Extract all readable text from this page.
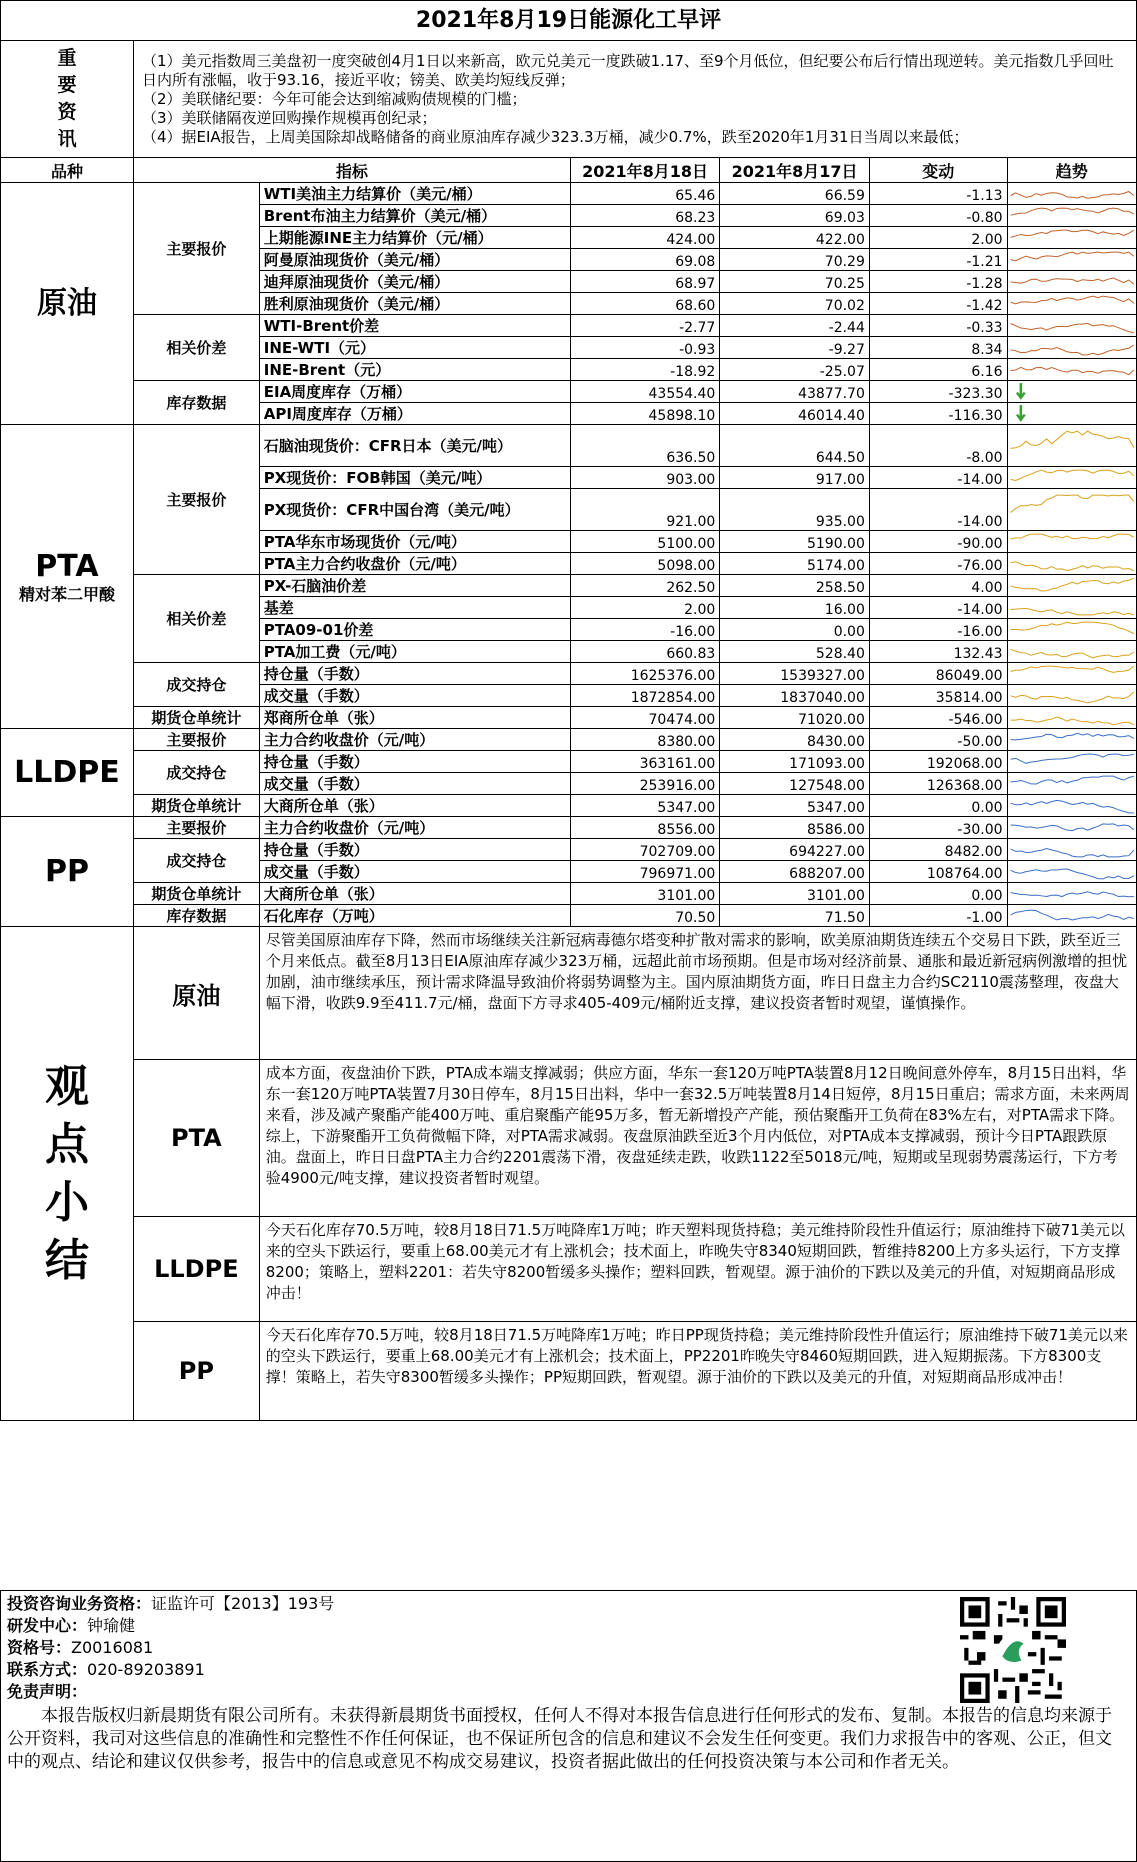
2021年8月19日能源化工早评
重要资讯	（1）美元指数周三美盘初一度突破创4月1日以来新高，欧元兑美元一度跌破1.17、至9个月低位，但纪要公布后行情出现逆转。美元指数几乎回吐日内所有涨幅，收于93.16，接近平收；镑美、欧美均短线反弹；

（2）美联储纪要：今年可能会达到缩减购债规模的门槛；

（3）美联储隔夜逆回购操作规模再创纪录；

（4）据EIA报告，上周美国除却战略储备的商业原油库存减少323.3万桶，减少0.7%，跌至2020年1月31日当周以来最低；					

品种	指标		2021年8月18日	2021年8月17日	变动	趋势
原油	主要报价	WTI美油主力结算价（美元/桶）	65.46	66.59	-1.13	

		Brent布油主力结算价（美元/桶）	68.23	69.03	-0.80	

		上期能源INE主力结算价（元/桶）	424.00	422.00	2.00	

		阿曼原油现货价（美元/桶）	69.08	70.29	-1.21	

		迪拜原油现货价（美元/桶）	68.97	70.25	-1.28	

		胜利原油现货价（美元/桶）	68.60	70.02	-1.42	

	相关价差	WTI-Brent价差	-2.77	-2.44	-0.33	

		INE-WTI（元）	-0.93	-9.27	8.34	

		INE-Brent（元）	-18.92	-25.07	6.16	

	库存数据	EIA周度库存（万桶）	43554.40	43877.70	-323.30	

		API周度库存（万桶）	45898.10	46014.40	-116.30	

PTA
精对苯二甲酸	主要报价	石脑油现货价：CFR日本（美元/吨）	636.50	644.50	-8.00	

		PX现货价：FOB韩国（美元/吨）	903.00	917.00	-14.00	

		PX现货价：CFR中国台湾（美元/吨）	921.00	935.00	-14.00	

		PTA华东市场现货价（元/吨）	5100.00	5190.00	-90.00	

		PTA主力合约收盘价（元/吨）	5098.00	5174.00	-76.00	

	相关价差	PX-石脑油价差	262.50	258.50	4.00	

		基差	2.00	16.00	-14.00	

		PTA09-01价差	-16.00	0.00	-16.00	

		PTA加工费（元/吨）	660.83	528.40	132.43	

	成交持仓	持仓量（手数）	1625376.00	1539327.00	86049.00	

		成交量（手数）	1872854.00	1837040.00	35814.00	

	期货仓单统计	郑商所仓单（张）	70474.00	71020.00	-546.00	

LLDPE	主要报价	主力合约收盘价（元/吨）	8380.00	8430.00	-50.00	

	成交持仓	持仓量（手数）	363161.00	171093.00	192068.00	

		成交量（手数）	253916.00	127548.00	126368.00	

	期货仓单统计	大商所仓单（张）	5347.00	5347.00	0.00	

PP	主要报价	主力合约收盘价（元/吨）	8556.00	8586.00	-30.00	

	成交持仓	持仓量（手数）	702709.00	694227.00	8482.00	

		成交量（手数）	796971.00	688207.00	108764.00	

	期货仓单统计	大商所仓单（张）	3101.00	3101.00	0.00	

	库存数据	石化库存（万吨）	70.50	71.50	-1.00	

观点小结	原油	尽管美国原油库存下降，然而市场继续关注新冠病毒德尔塔变种扩散对需求的影响，欧美原油期货连续五个交易日下跌，跌至近三个月来低点。截至8月13日EIA原油库存减少323万桶，远超此前市场预期。但是市场对经济前景、通胀和最近新冠病例激增的担忧加剧，油市继续承压，预计需求降温导致油价将弱势调整为主。国内原油期货方面，昨日日盘主力合约SC2110震荡整理，夜盘大幅下滑，收跌9.9至411.7元/桶，盘面下方寻求405-409元/桶附近支撑，建议投资者暂时观望，谨慎操作。				
	PTA	成本方面，夜盘油价下跌，PTA成本端支撑减弱；供应方面，华东一套120万吨PTA装置8月12日晚间意外停车，8月15日出料，华东一套120万吨PTA装置7月30日停车，8月15日出料，华中一套32.5万吨装置8月14日短停，8月15日重启；需求方面，未来两周来看，涉及减产聚酯产能400万吨、重启聚酯产能95万多，暂无新增投产产能，预估聚酯开工负荷在83%左右，对PTA需求下降。综上，下游聚酯开工负荷微幅下降，对PTA需求减弱。夜盘原油跌至近3个月内低位，对PTA成本支撑减弱，预计今日PTA跟跌原油。盘面上，昨日日盘PTA主力合约2201震荡下滑，夜盘延续走跌，收跌1122至5018元/吨，短期或呈现弱势震荡运行，下方考验4900元/吨支撑，建议投资者暂时观望。				
	LLDPE	今天石化库存70.5万吨，较8月18日71.5万吨降库1万吨；昨天塑料现货持稳；美元维持阶段性升值运行；原油维持下破71美元以来的空头下跌运行，要重上68.00美元才有上涨机会；技术面上，昨晚失守8340短期回跌，暂维持8200上方多头运行，下方支撑8200；策略上，塑料2201：若失守8200暂缓多头操作；塑料回跌，暂观望。源于油价的下跌以及美元的升值，对短期商品形成冲击！				
	PP	今天石化库存70.5万吨，较8月18日71.5万吨降库1万吨；昨日PP现货持稳；美元维持阶段性升值运行；原油维持下破71美元以来的空头下跌运行，要重上68.00美元才有上涨机会；技术面上，PP2201昨晚失守8460短期回跌，进入短期振荡。下方8300支撑！策略上，若失守8300暂缓多头操作；PP短期回跌，暂观望。源于油价的下跌以及美元的升值，对短期商品形成冲击！				
投资咨询业务资格：证监许可【2013】193号
研发中心：钟瑜健
资格号：Z0016081
联系方式：020-89203891
免责声明：
本报告版权归新晨期货有限公司所有。未获得新晨期货书面授权，任何人不得对本报告信息进行任何形式的发布、复制。本报告的信息均来源于公开资料，我司对这些信息的准确性和完整性不作任何保证，也不保证所包含的信息和建议不会发生任何变更。我们力求报告中的客观、公正，但文中的观点、结论和建议仅供参考，报告中的信息或意见不构成交易建议，投资者据此做出的任何投资决策与本公司和作者无关。
